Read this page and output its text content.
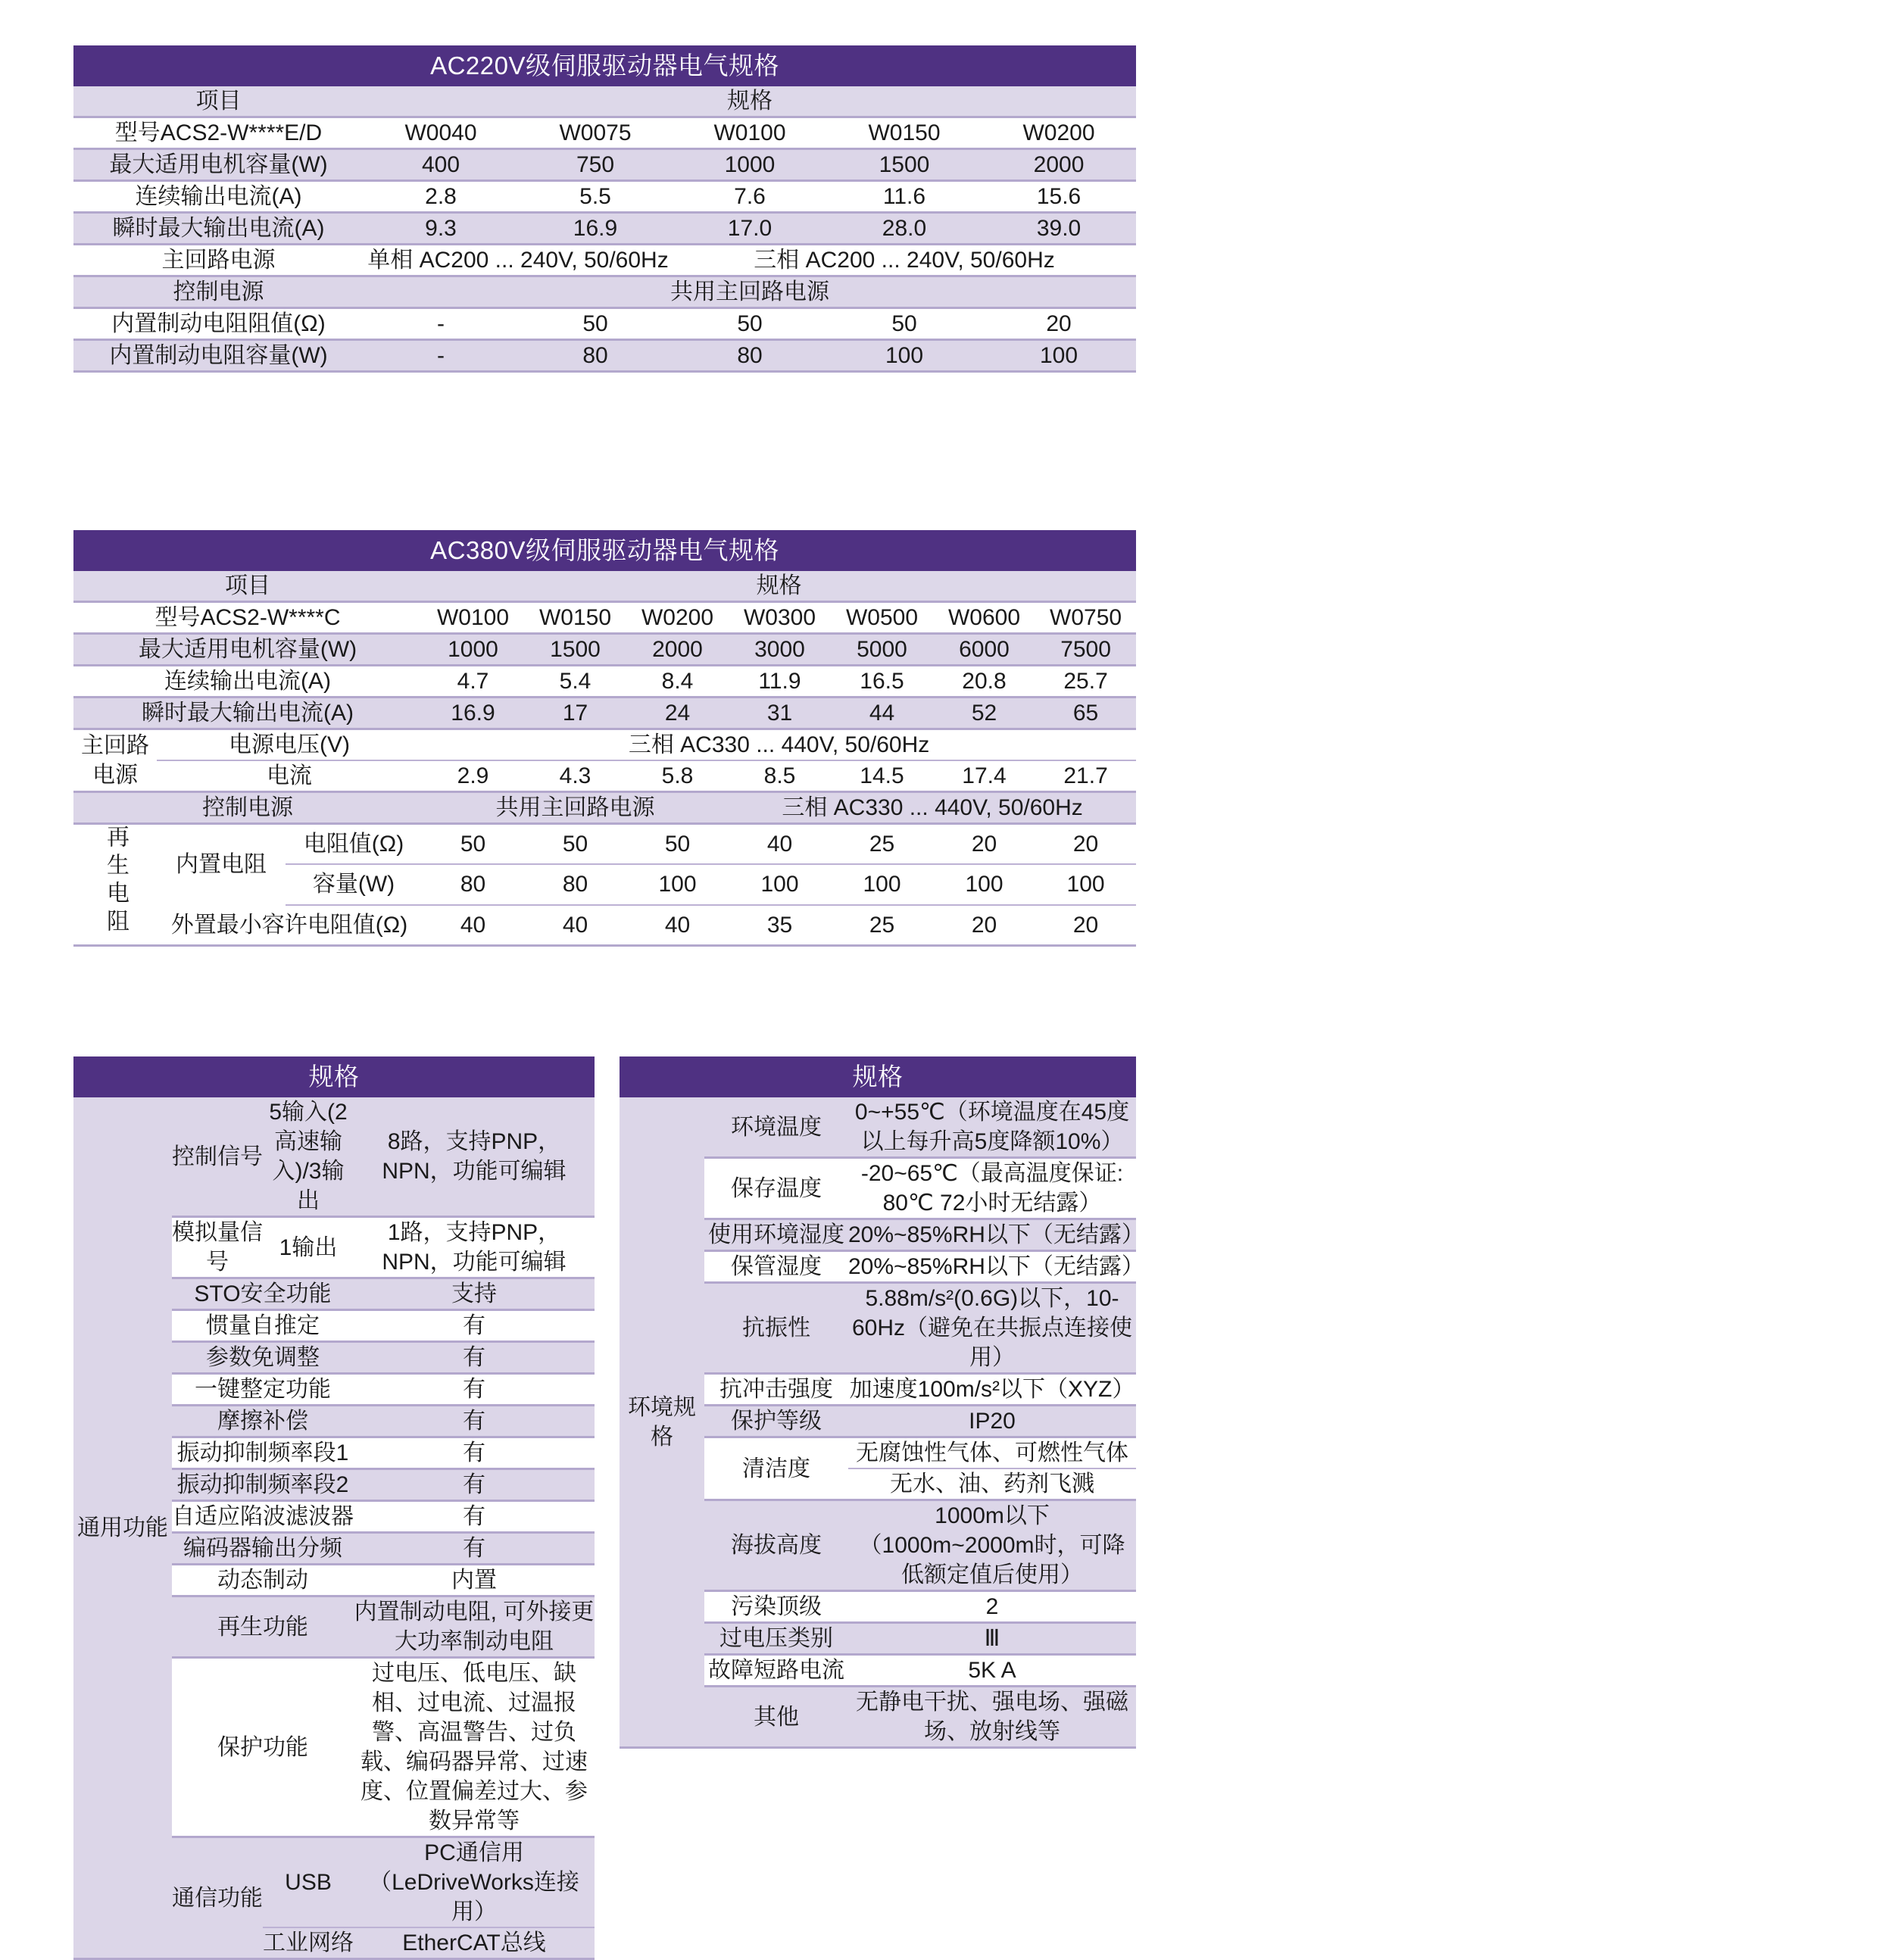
AC220V级伺服驱动器电气规格					
项目	规格				
型号ACS2-W****E/D	W0040	W0075	W0100	W0150	W0200
最大适用电机容量(W)	400	750	1000	1500	2000
连续输出电流(A)	2.8	5.5	7.6	11.6	15.6
瞬时最大输出电流(A)	9.3	16.9	17.0	28.0	39.0
主回路电源	单相 AC200 ... 240V, 50/60Hz		三相 AC200 ... 240V, 50/60Hz		
控制电源	共用主回路电源				
内置制动电阻阻值(Ω)	-	50	50	50	20
内置制动电阻容量(W)	-	80	80	100	100
AC380V级伺服驱动器电气规格									
项目			规格						
型号ACS2-W****C			W0100	W0150	W0200	W0300	W0500	W0600	W0750
最大适用电机容量(W)			1000	1500	2000	3000	5000	6000	7500
连续输出电流(A)			4.7	5.4	8.4	11.9	16.5	20.8	25.7
瞬时最大输出电流(A)			16.9	17	24	31	44	52	65
主回路电源	电源电压(V)		三相 AC330 ... 440V, 50/60Hz						
	电流		2.9	4.3	5.8	8.5	14.5	17.4	21.7
控制电源			共用主回路电源			三相 AC330 ... 440V, 50/60Hz			
再生电阻	内置电阻	电阻值(Ω)	50	50	50	40	25	20	20
		容量(W)	80	80	100	100	100	100	100
	外置最小容许电阻值(Ω)		40	40	40	35	25	20	20
规格			
通用功能	控制信号	5输入(2高速输入)/3输出	8路，支持PNP，NPN，功能可编辑
	模拟量信号	1输出	1路，支持PNP，NPN，功能可编辑
	STO安全功能		支持
	惯量自推定		有
	参数免调整		有
	一键整定功能		有
	摩擦补偿		有
	振动抑制频率段1		有
	振动抑制频率段2		有
	自适应陷波滤波器		有
	编码器输出分频		有
	动态制动		内置
	再生功能		内置制动电阻, 可外接更大功率制动电阻
	保护功能		过电压、低电压、缺相、过电流、过温报警、高温警告、过负载、编码器异常、过速度、位置偏差过大、参数异常等
	通信功能	USB	PC通信用（LeDriveWorks连接用）
		工业网络	EtherCAT总线
规格		
环境规格	环境温度	0~+55℃（环境温度在45度以上每升高5度降额10%）
	保存温度	-20~65℃（最高温度保证: 80℃ 72小时无结露）
	使用环境湿度	20%~85%RH以下（无结露）
	保管湿度	20%~85%RH以下（无结露）
	抗振性	5.88m/s²(0.6G)以下，10-60Hz（避免在共振点连接使用）
	抗冲击强度	加速度100m/s²以下（XYZ）
	保护等级	IP20
	清洁度	无腐蚀性气体、可燃性气体
		无水、油、药剂飞溅
	海拔高度	1000m以下（1000m~2000m时，可降低额定值后使用）
	污染顶级	2
	过电压类别	Ⅲ
	故障短路电流	5K A
	其他	无静电干扰、强电场、强磁场、放射线等
